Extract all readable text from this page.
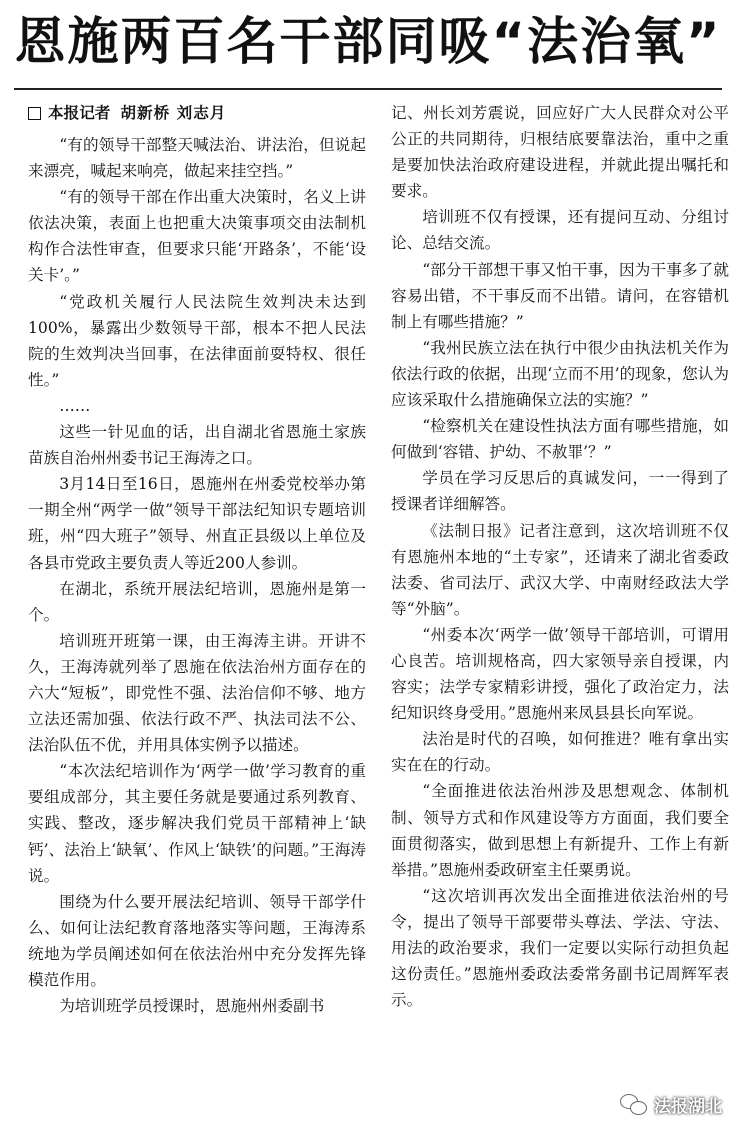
恩施两百名干部同吸“法治氧”
本报记者 胡新桥 刘志月

“有的领导干部整天喊法治、讲法治，但说起来漂亮，喊起来响亮，做起来挂空挡。”

“有的领导干部在作出重大决策时，名义上讲依法决策，表面上也把重大决策事项交由法制机构作合法性审查，但要求只能‘开路条’，不能‘设关卡’。”

“党政机关履行人民法院生效判决未达到100%，暴露出少数领导干部，根本不把人民法院的生效判决当回事，在法律面前耍特权、很任性。”

……

这些一针见血的话，出自湖北省恩施土家族苗族自治州州委书记王海涛之口。

3月14日至16日，恩施州在州委党校举办第一期全州“两学一做”领导干部法纪知识专题培训班，州“四大班子”领导、州直正县级以上单位及各县市党政主要负责人等近200人参训。

在湖北，系统开展法纪培训，恩施州是第一个。

培训班开班第一课，由王海涛主讲。开讲不久，王海涛就列举了恩施在依法治州方面存在的六大“短板”，即党性不强、法治信仰不够、地方立法还需加强、依法行政不严、执法司法不公、法治队伍不优，并用具体实例予以描述。

“本次法纪培训作为‘两学一做’学习教育的重要组成部分，其主要任务就是要通过系列教育、实践、整改，逐步解决我们党员干部精神上‘缺钙’、法治上‘缺氧’、作风上‘缺铁’的问题。”王海涛说。

围绕为什么要开展法纪培训、领导干部学什么、如何让法纪教育落地落实等问题，王海涛系统地为学员阐述如何在依法治州中充分发挥先锋模范作用。

为培训班学员授课时，恩施州州委副书

记、州长刘芳震说，回应好广大人民群众对公平公正的共同期待，归根结底要靠法治，重中之重是要加快法治政府建设进程，并就此提出嘱托和要求。

培训班不仅有授课，还有提问互动、分组讨论、总结交流。

“部分干部想干事又怕干事，因为干事多了就容易出错，不干事反而不出错。请问，在容错机制上有哪些措施？”

“我州民族立法在执行中很少由执法机关作为依法行政的依据，出现‘立而不用’的现象，您认为应该采取什么措施确保立法的实施？”

“检察机关在建设性执法方面有哪些措施，如何做到‘容错、护幼、不赦罪’？”

学员在学习反思后的真诚发问，一一得到了授课者详细解答。

《法制日报》记者注意到，这次培训班不仅有恩施州本地的“土专家”，还请来了湖北省委政法委、省司法厅、武汉大学、中南财经政法大学等“外脑”。

“州委本次‘两学一做’领导干部培训，可谓用心良苦。培训规格高，四大家领导亲自授课，内容实；法学专家精彩讲授，强化了政治定力，法纪知识终身受用。”恩施州来凤县县长向军说。

法治是时代的召唤，如何推进？唯有拿出实实在在的行动。

“全面推进依法治州涉及思想观念、体制机制、领导方式和作风建设等方方面面，我们要全面贯彻落实，做到思想上有新提升、工作上有新举措。”恩施州委政研室主任粟勇说。

“这次培训再次发出全面推进依法治州的号令，提出了领导干部要带头尊法、学法、守法、用法的政治要求，我们一定要以实际行动担负起这份责任。”恩施州委政法委常务副书记周辉军表示。

法报湖北
